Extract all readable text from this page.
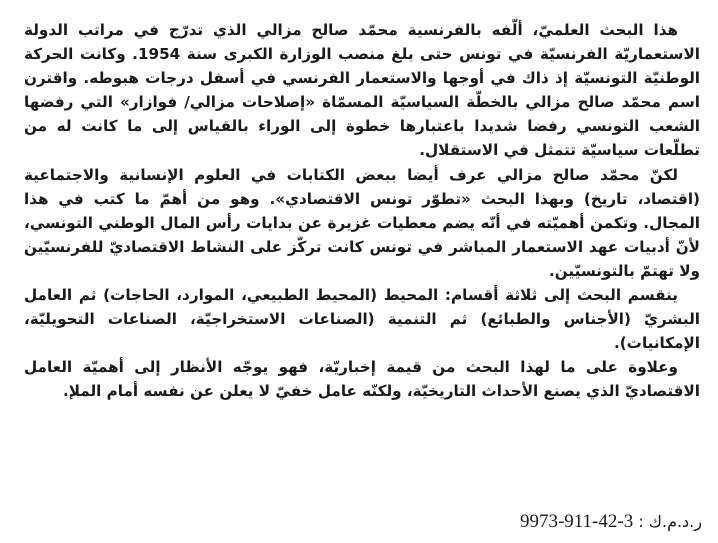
هذا البحث العلميّ، ألّفه بالفرنسية محمّد صالح مزالي الذي تدرّج في مراتب الدولة الاستعماريّة الفرنسيّة في تونس حتى بلغ منصب الوزارة الكبرى سنة 1954. وكانت الحركة الوطنيّة التونسيّة إذ ذاك في أوجها والاستعمار الفرنسي في أسفل درجات هبوطه. واقترن اسم محمّد صالح مزالي بالخطّة السياسيّة المسمّاة «إصلاحات مزالي/ فوازار» التي رفضها الشعب التونسي رفضا شديدا باعتبارها خطوة إلى الوراء بالقياس إلى ما كانت له من تطلّعات سياسيّة تتمثل في الاستقلال.

لكنّ محمّد صالح مزالي عرف أيضا ببعض الكتابات في العلوم الإنسانية والاجتماعية (اقتصاد، تاريخ) وبهذا البحث «تطوّر تونس الاقتصادي». وهو من أهمّ ما كتب في هذا المجال. وتكمن أهميّته في أنّه يضم معطيات غزيرة عن بدايات رأس المال الوطني التونسي، لأنّ أدبيات عهد الاستعمار المباشر في تونس كانت تركّز على النشاط الاقتصاديّ للفرنسيّين ولا تهتمّ بالتونسيّين.

ينقسم البحث إلى ثلاثة أقسام: المحيط (المحيط الطبيعي، الموارد، الحاجات) ثم العامل البشريّ (الأجناس والطبائع) ثم التنمية (الصناعات الاستخراجيّة، الصناعات التحويليّة، الإمكانيات).

وعلاوة على ما لهذا البحث من قيمة إخباريّة، فهو يوجّه الأنظار إلى أهميّة العامل الاقتصاديّ الذي يصنع الأحداث التاريخيّة، ولكنّه عامل خفيّ لا يعلن عن نفسه أمام الملإ.

ر.د.م.ك : 9973-911-42-3
